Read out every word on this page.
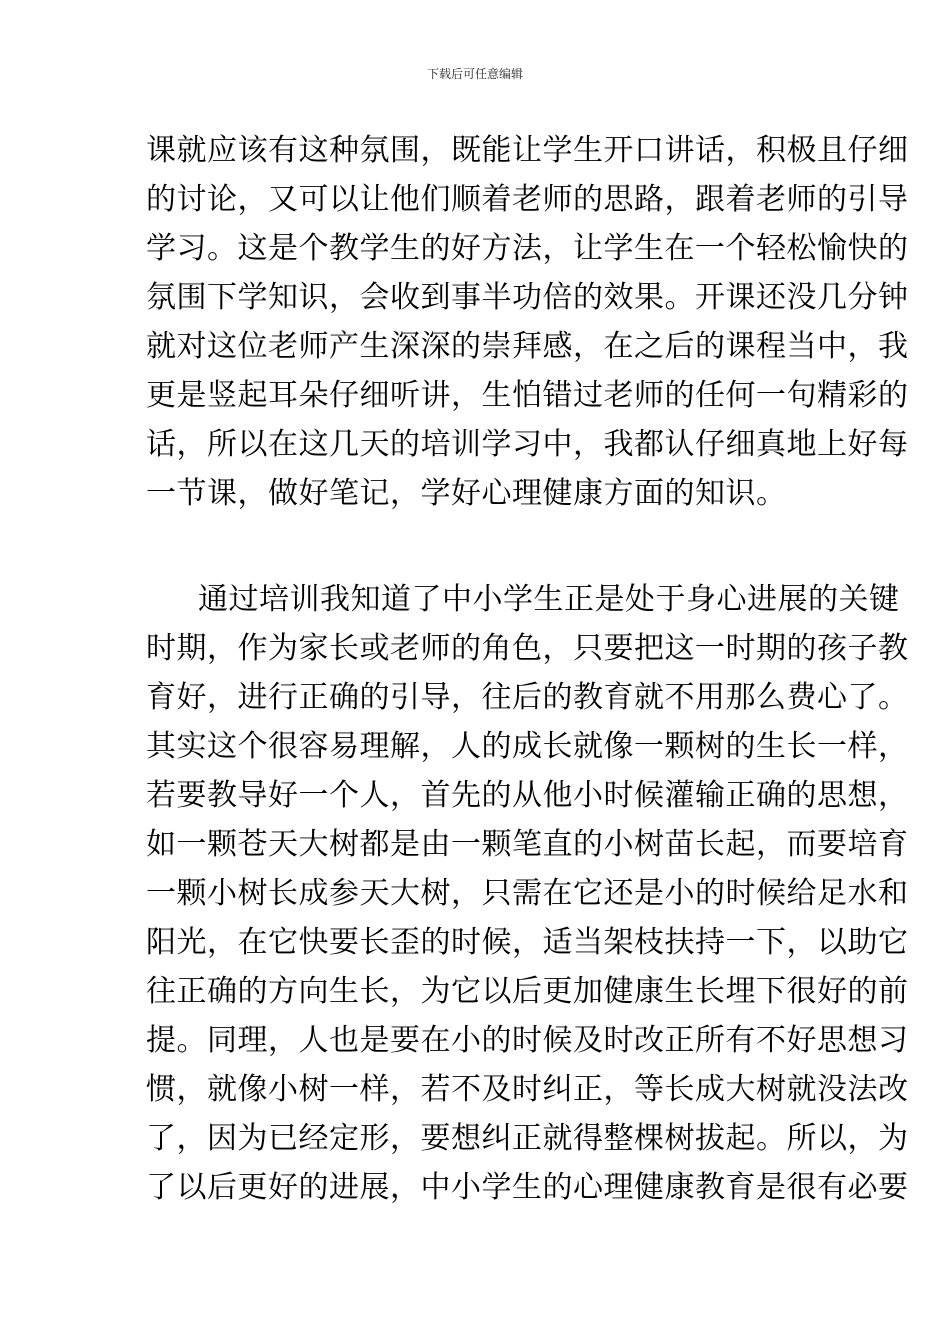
下载后可任意编辑
课就应该有这种氛围，既能让学生开口讲话，积极且仔细
的讨论，又可以让他们顺着老师的思路，跟着老师的引导
学习。这是个教学生的好方法，让学生在一个轻松愉快的
氛围下学知识，会收到事半功倍的效果。开课还没几分钟
就对这位老师产生深深的崇拜感，在之后的课程当中，我
更是竖起耳朵仔细听讲，生怕错过老师的任何一句精彩的
话，所以在这几天的培训学习中，我都认仔细真地上好每
一节课，做好笔记，学好心理健康方面的知识。
通过培训我知道了中小学生正是处于身心进展的关键
时期，作为家长或老师的角色，只要把这一时期的孩子教
育好，进行正确的引导，往后的教育就不用那么费心了。
其实这个很容易理解，人的成长就像一颗树的生长一样，
若要教导好一个人，首先的从他小时候灌输正确的思想，
如一颗苍天大树都是由一颗笔直的小树苗长起，而要培育
一颗小树长成参天大树，只需在它还是小的时候给足水和
阳光，在它快要长歪的时候，适当架枝扶持一下，以助它
往正确的方向生长，为它以后更加健康生长埋下很好的前
提。同理，人也是要在小的时候及时改正所有不好思想习
惯，就像小树一样，若不及时纠正，等长成大树就没法改
了，因为已经定形，要想纠正就得整棵树拔起。所以，为
了以后更好的进展，中小学生的心理健康教育是很有必要
